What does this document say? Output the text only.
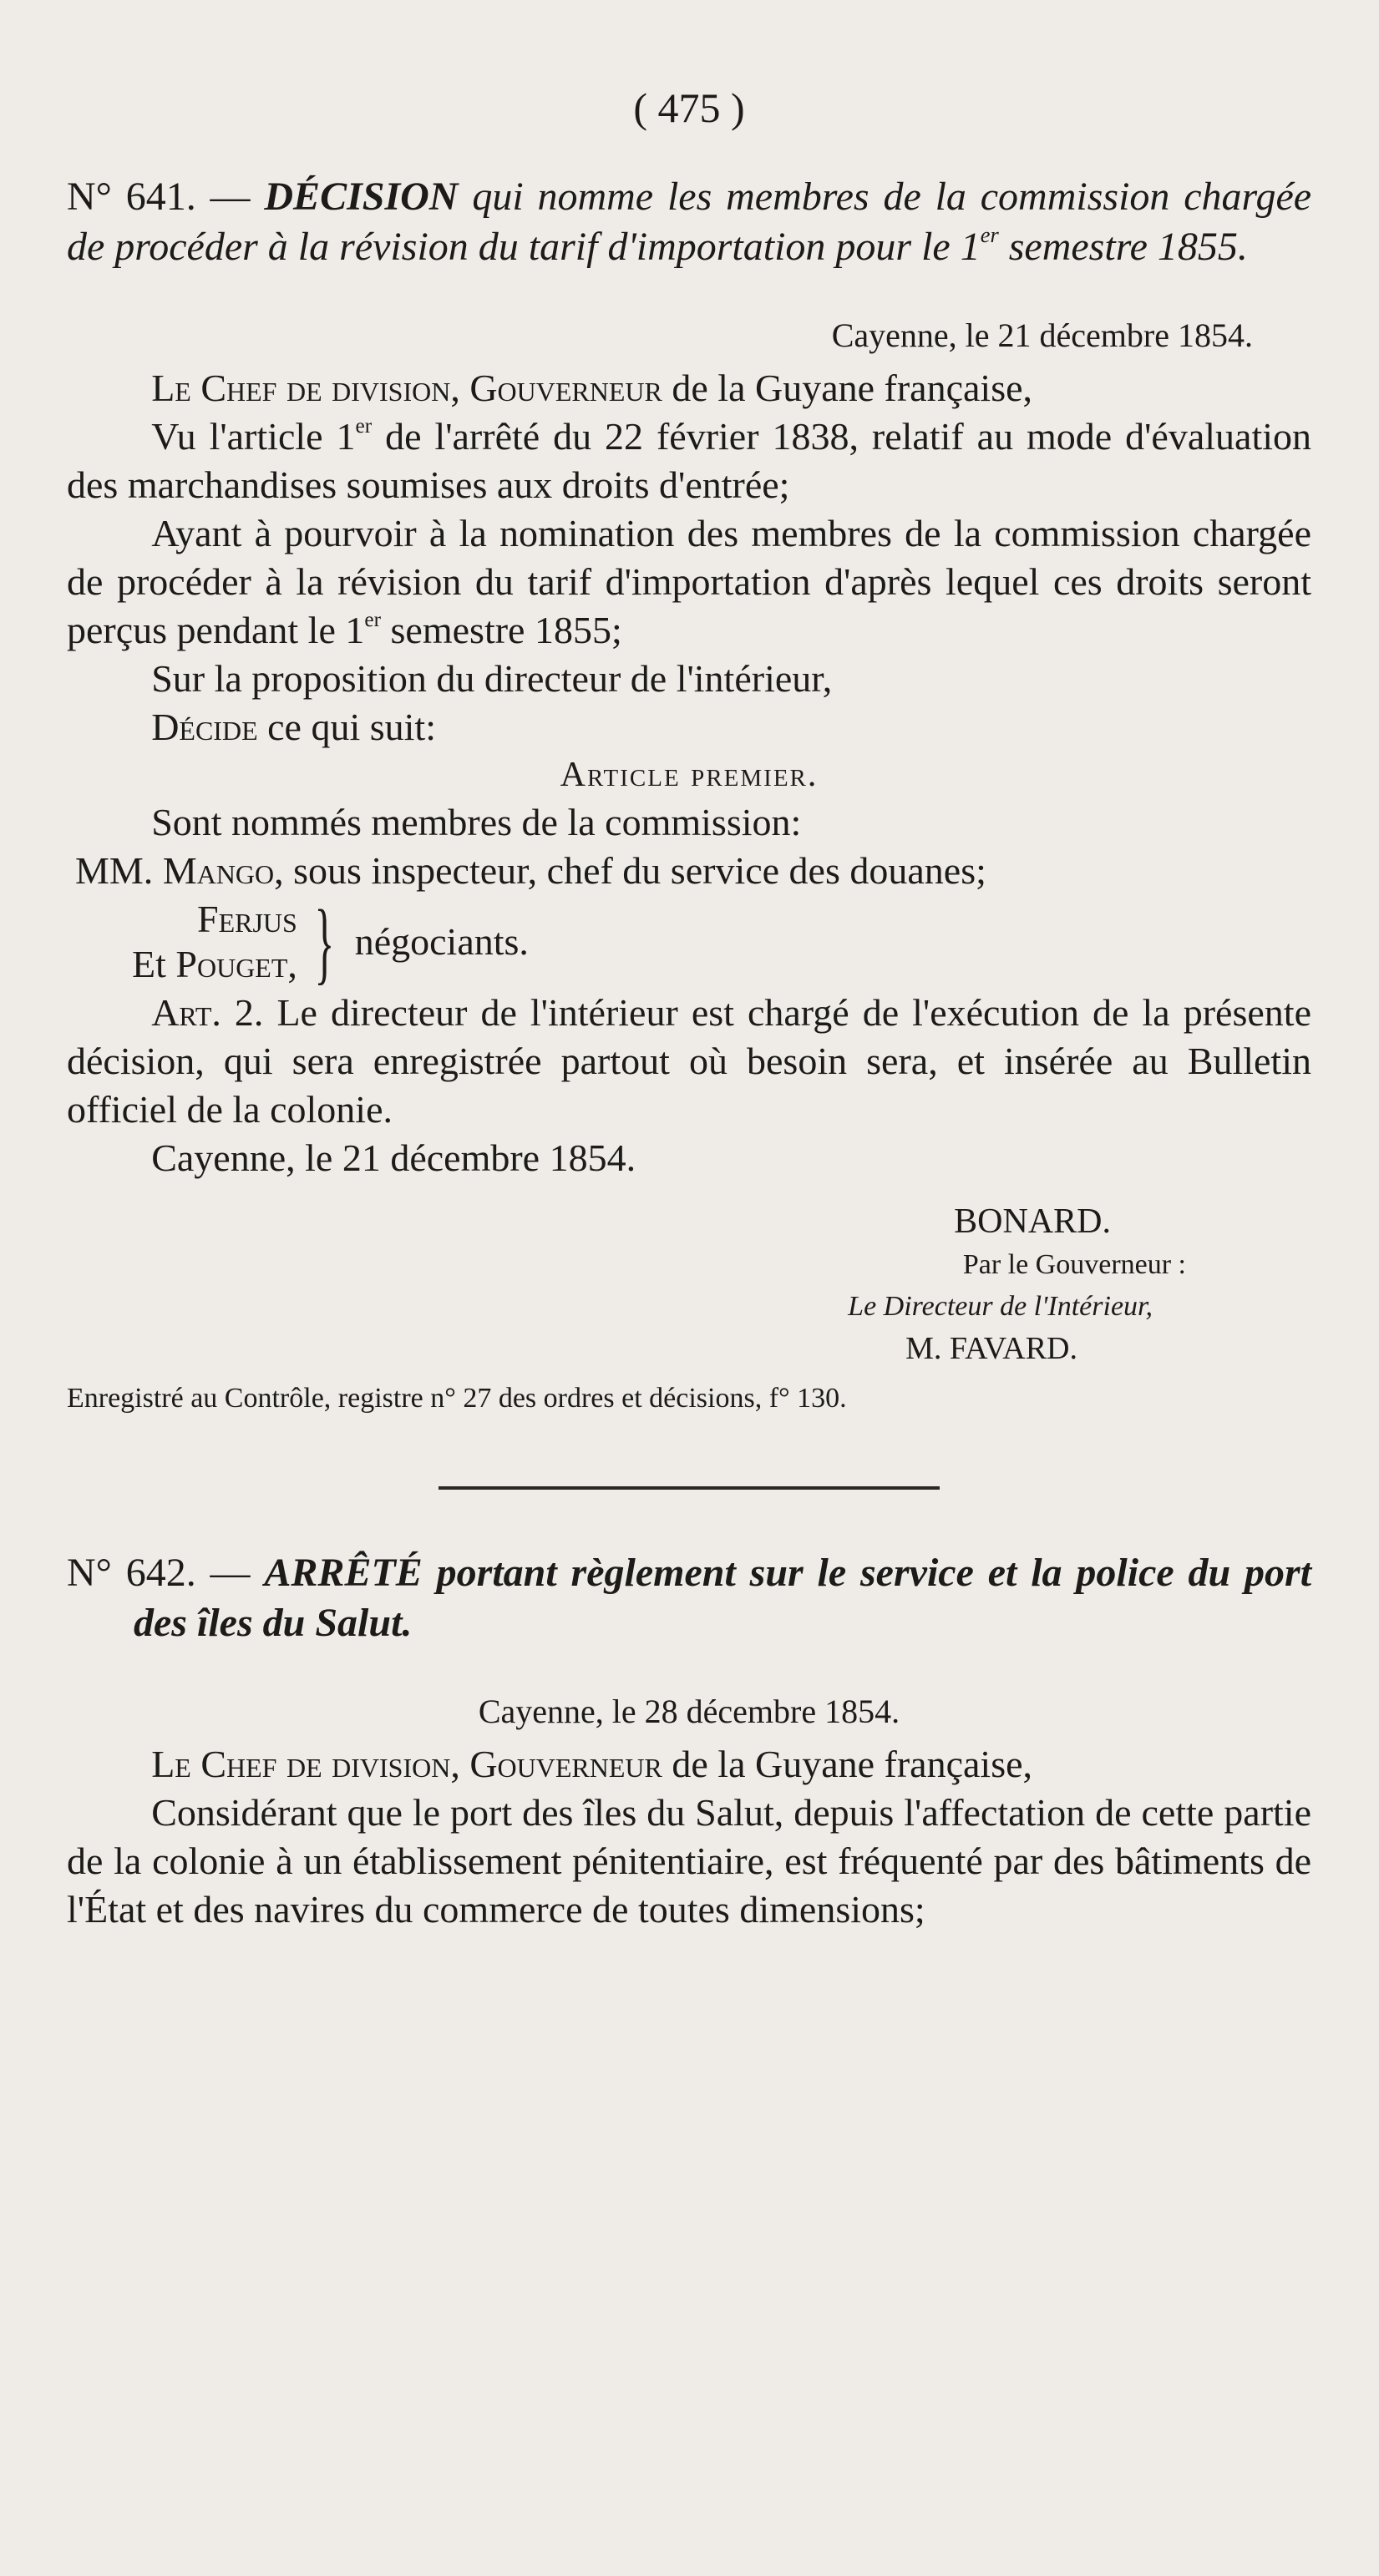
( 475 )

N° 641. — DÉCISION qui nomme les membres de la commission chargée de procéder à la révision du tarif d'importation pour le 1er semestre 1855.

Cayenne, le 21 décembre 1854.

Le Chef de division, Gouverneur de la Guyane française,

Vu l'article 1er de l'arrêté du 22 février 1838, relatif au mode d'évaluation des marchandises soumises aux droits d'entrée;

Ayant à pourvoir à la nomination des membres de la commission chargée de procéder à la révision du tarif d'importation d'après lequel ces droits seront perçus pendant le 1er semestre 1855;

Sur la proposition du directeur de l'intérieur,

Décide ce qui suit:

Article premier.

Sont nommés membres de la commission:

MM. Mango, sous inspecteur, chef du service des douanes;

Ferjus
Et Pouget, } négociants.

Art. 2. Le directeur de l'intérieur est chargé de l'exécution de la présente décision, qui sera enregistrée partout où besoin sera, et insérée au Bulletin officiel de la colonie.

Cayenne, le 21 décembre 1854.

BONARD.
Par le Gouverneur :
Le Directeur de l'Intérieur,
M. FAVARD.
Enregistré au Contrôle, registre n° 27 des ordres et décisions, f° 130.

N° 642. — ARRÊTÉ portant règlement sur le service et la police du port des îles du Salut.

Cayenne, le 28 décembre 1854.

Le Chef de division, Gouverneur de la Guyane française,

Considérant que le port des îles du Salut, depuis l'affectation de cette partie de la colonie à un établissement pénitentiaire, est fréquenté par des bâtiments de l'État et des navires du commerce de toutes dimensions;
